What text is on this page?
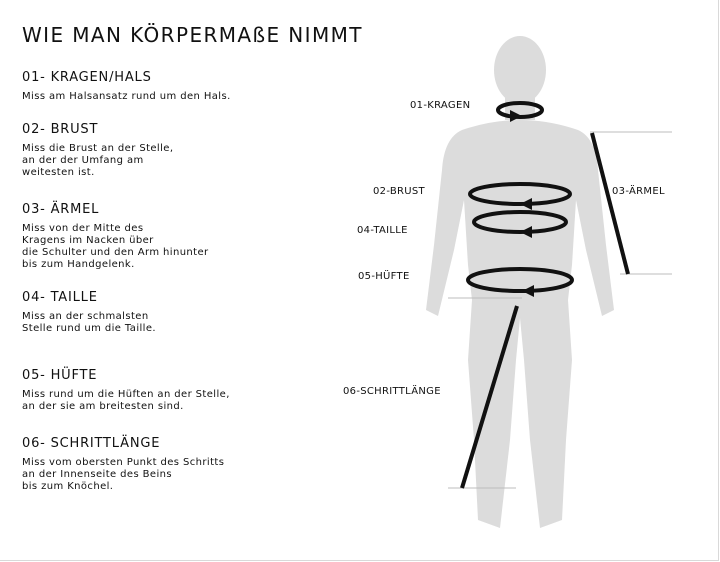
WIE MAN KÖRPERMAßE NIMMT
01- KRAGEN/HALS

Miss am Halsansatz rund um den Hals.

02- BRUST

Miss die Brust an der Stelle,
an der der Umfang am
weitesten ist.

03- ÄRMEL

Miss von der Mitte des
Kragens im Nacken über
die Schulter und den Arm hinunter
bis zum Handgelenk.

04- TAILLE

Miss an der schmalsten
Stelle rund um die Taille.

05- HÜFTE

Miss rund um die Hüften an der Stelle,
an der sie am breitesten sind.

06- SCHRITTLÄNGE

Miss vom obersten Punkt des Schritts
an der Innenseite des Beins
bis zum Knöchel.

01-KRAGEN
02-BRUST
04-TAILLE
05-HÜFTE
03-ÄRMEL
06-SCHRITTLÄNGE
